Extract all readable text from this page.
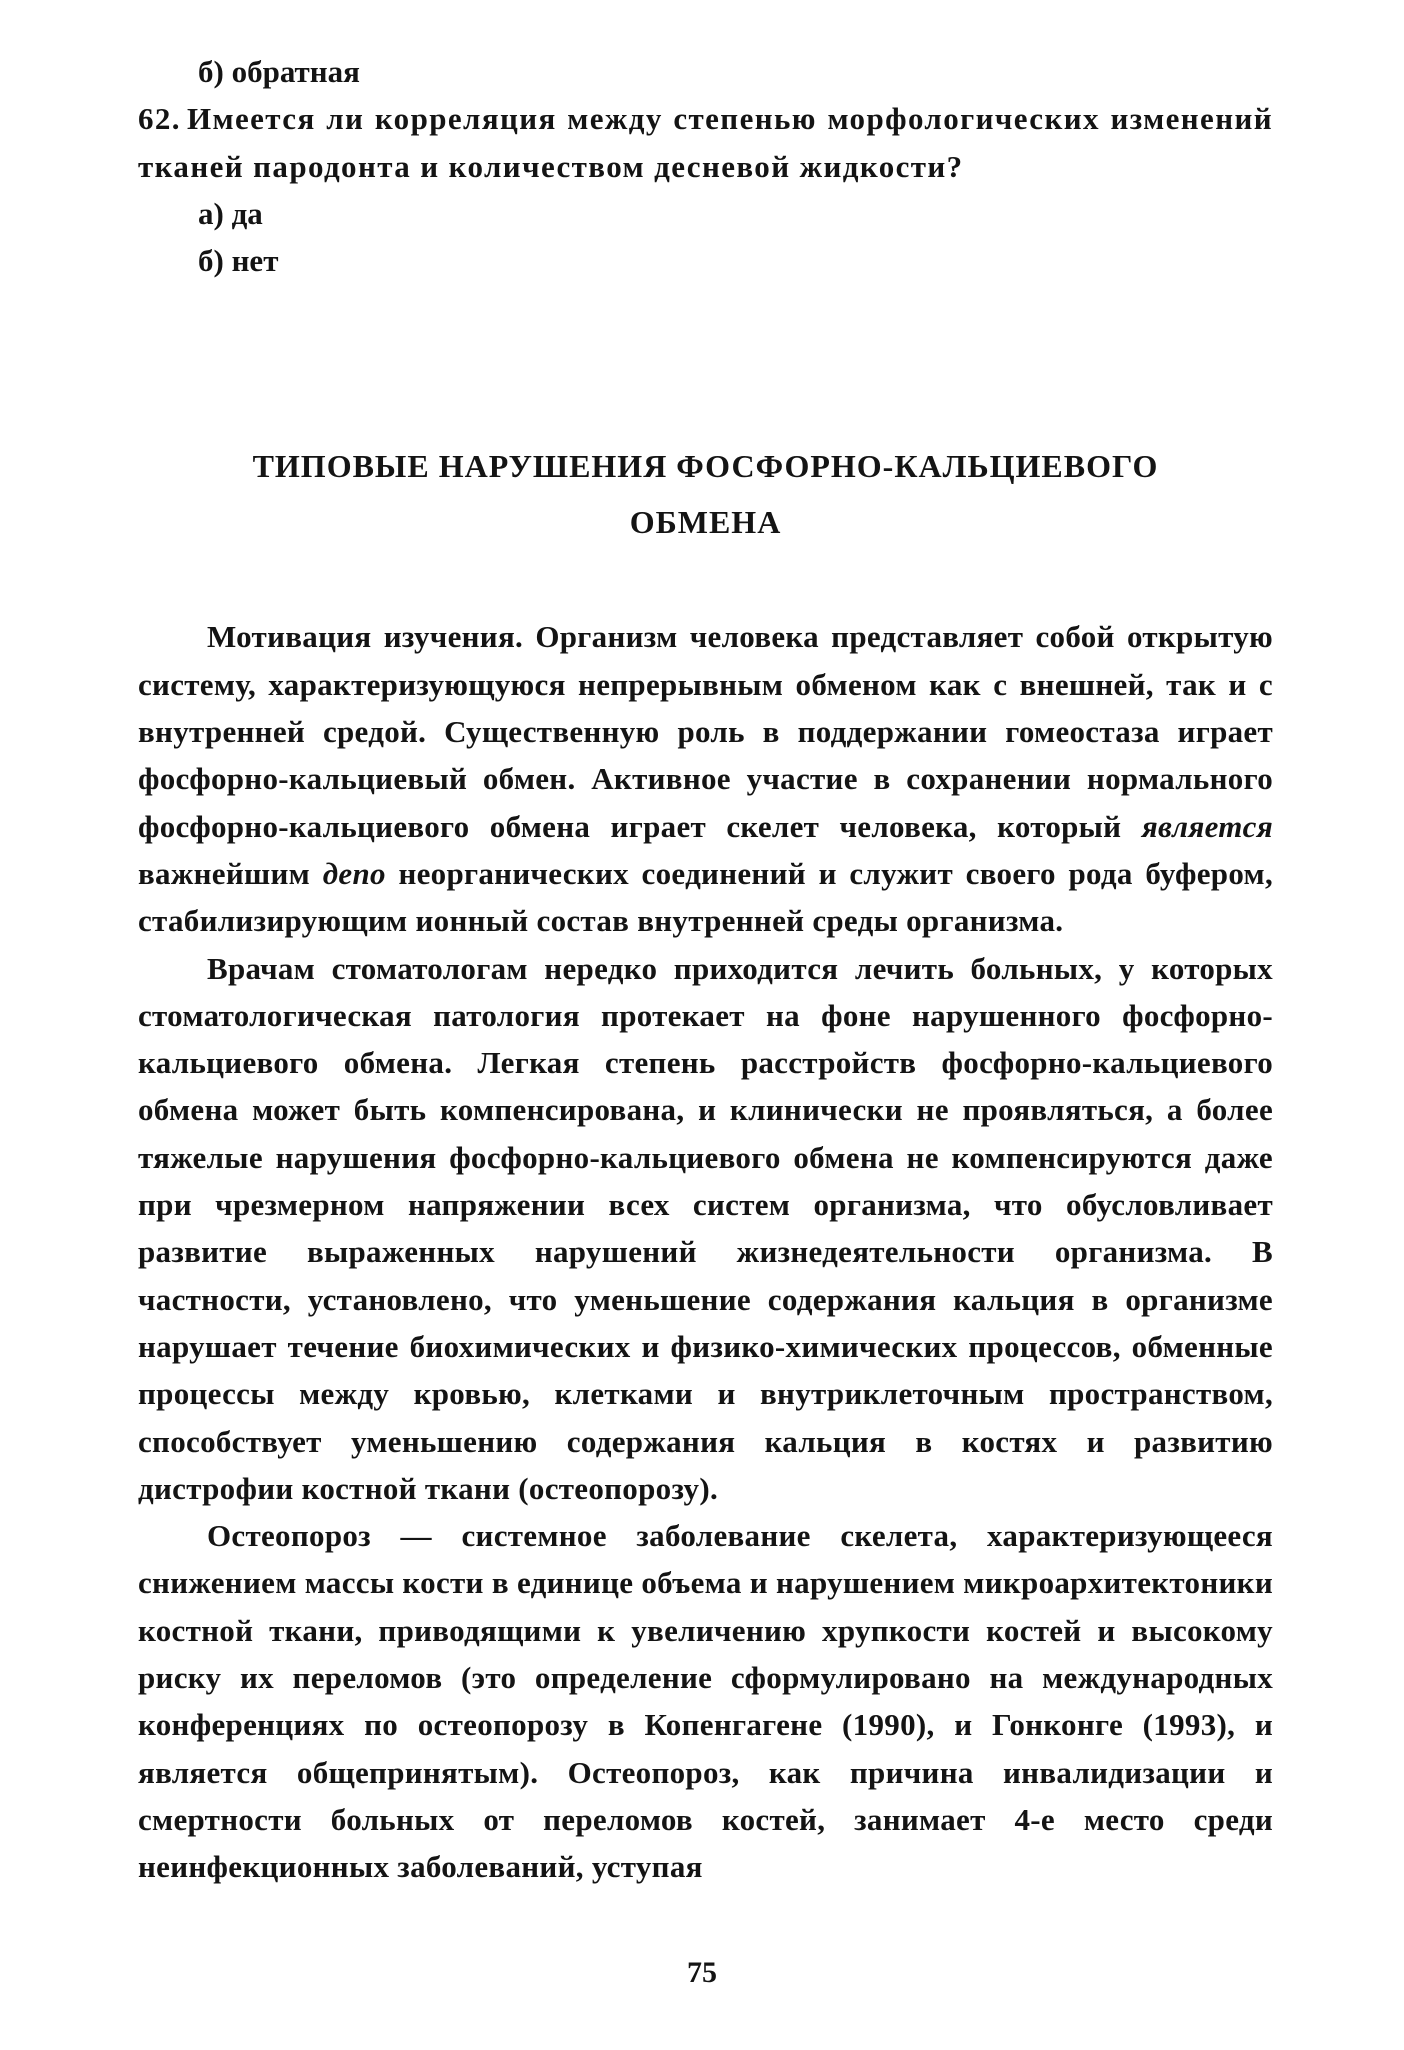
б) обратная

62. Имеется ли корреляция между степенью морфологических изменений тканей пародонта и количеством десневой жидкости?

а) да

б) нет

ТИПОВЫЕ НАРУШЕНИЯ ФОСФОРНО-КАЛЬЦИЕВОГО
ОБМЕНА

Мотивация изучения. Организм человека представляет собой открытую систему, характеризующуюся непрерывным обменом как с внешней, так и с внутренней средой. Существенную роль в поддержании гомеостаза играет фосфорно-кальциевый обмен. Активное участие в сохранении нормального фосфорно-кальциевого обмена играет скелет человека, который является важнейшим депо неорганических соединений и служит своего рода буфером, стабилизирующим ионный состав внутренней среды организма.

Врачам стоматологам нередко приходится лечить больных, у которых стоматологическая патология протекает на фоне нарушенного фосфорно-кальциевого обмена. Легкая степень расстройств фосфорно-кальциевого обмена может быть компенсирована, и клинически не проявляться, а более тяжелые нарушения фосфорно-кальциевого обмена не компенсируются даже при чрезмерном напряжении всех систем организма, что обусловливает развитие выраженных нарушений жизнедеятельности организма. В частности, установлено, что уменьшение содержания кальция в организме нарушает течение биохимических и физико-химических процессов, обменные процессы между кровью, клетками и внутриклеточным пространством, способствует уменьшению содержания кальция в костях и развитию дистрофии костной ткани (остеопорозу).

Остеопороз — системное заболевание скелета, характеризующееся снижением массы кости в единице объема и нарушением микроархитектоники костной ткани, приводящими к увеличению хрупкости костей и высокому риску их переломов (это определение сформулировано на международных конференциях по остеопорозу в Копенгагене (1990), и Гонконге (1993), и является общепринятым). Остеопороз, как причина инвалидизации и смертности больных от переломов костей, занимает 4-е место среди неинфекционных заболеваний, уступая

75
